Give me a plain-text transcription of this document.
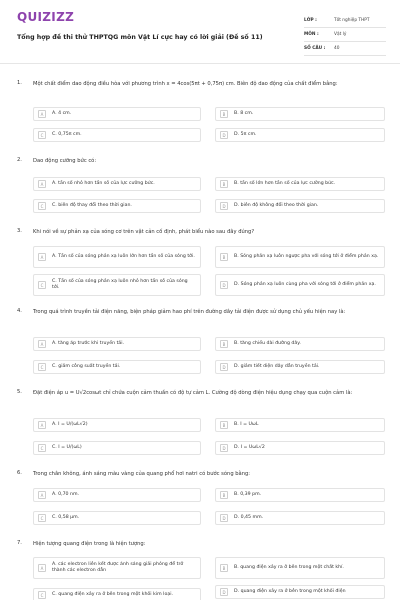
QUIZIZZ
Tổng hợp đề thi thử THPTQG môn Vật Lí cực hay có lời giải (Đề số 11)
LỚP :	Tốt nghiệp THPT
MÔN :	Vật lý
SỐ CÂU :	40
1. Một chất điểm dao động điều hòa với phương trình x = 4cos(5πt + 0,75π) cm. Biên độ dao động của chất điểm bằng:
A	A. 4 cm.	B	B. 8 cm.
C	C. 0,75π cm.	D	D. 5π cm.
2. Dao động cưỡng bức có:
A	A. tần số nhỏ hơn tần số của lực cưỡng bức.	B	B. tần số lớn hơn tần số của lực cưỡng bức.
C	C. biên độ thay đổi theo thời gian.	D	D. biên độ không đổi theo thời gian.
3. Khi nói về sự phản xạ của sóng cơ trên vật cản cố định, phát biểu nào sau đây đúng?
A	A. Tần số của sóng phản xạ luôn lớn hơn tần số của sóng tới.	B	B. Sóng phản xạ luôn ngược pha với sóng tới ở điểm phản xạ.
C
C. Tần số của sóng phản xạ luôn nhỏ hơn tần số của sóng tới.	D	D. Sóng phản xạ luôn cùng pha với sóng tới ở điểm phản xạ.
4. Trong quá trình truyền tải điện năng, biện pháp giảm hao phí trên đường dây tải điện được sử dụng chủ yếu hiện nay là:
A	A. tăng áp trước khi truyền tải.	B	B. tăng chiều dài đường dây.
C	C. giảm công suất truyền tải.	D	D. giảm tiết diện dây dẫn truyền tải.
5. Đặt điện áp u = U√2cosωt chỉ chứa cuộn cảm thuần có độ tự cảm L. Cường độ dòng điện hiệu dụng chạy qua cuộn cảm là:
A	A. I = U/(ωL√2)	B	B. I = UωL
C	C. I = U/(ωL)	D	D. I = UωL√2
6. Trong chân không, ánh sáng màu vàng của quang phổ hơi natri có bước sóng bằng:
A	A. 0,70 nm.	B	B. 0,39 pm.
C	C. 0,58 μm.	D	D. 0,45 mm.
7. Hiện tượng quang điện trong là hiện tượng:
A
A. các electron liên kết được ánh sáng giải phóng để trở thành các electron dẫn	B	B. quang điện xảy ra ở bên trong một chất khí.
C	C. quang điện xảy ra ở bên trong một khối kim loại.	D	D. quang điện xảy ra ở bên trong một khối điện
